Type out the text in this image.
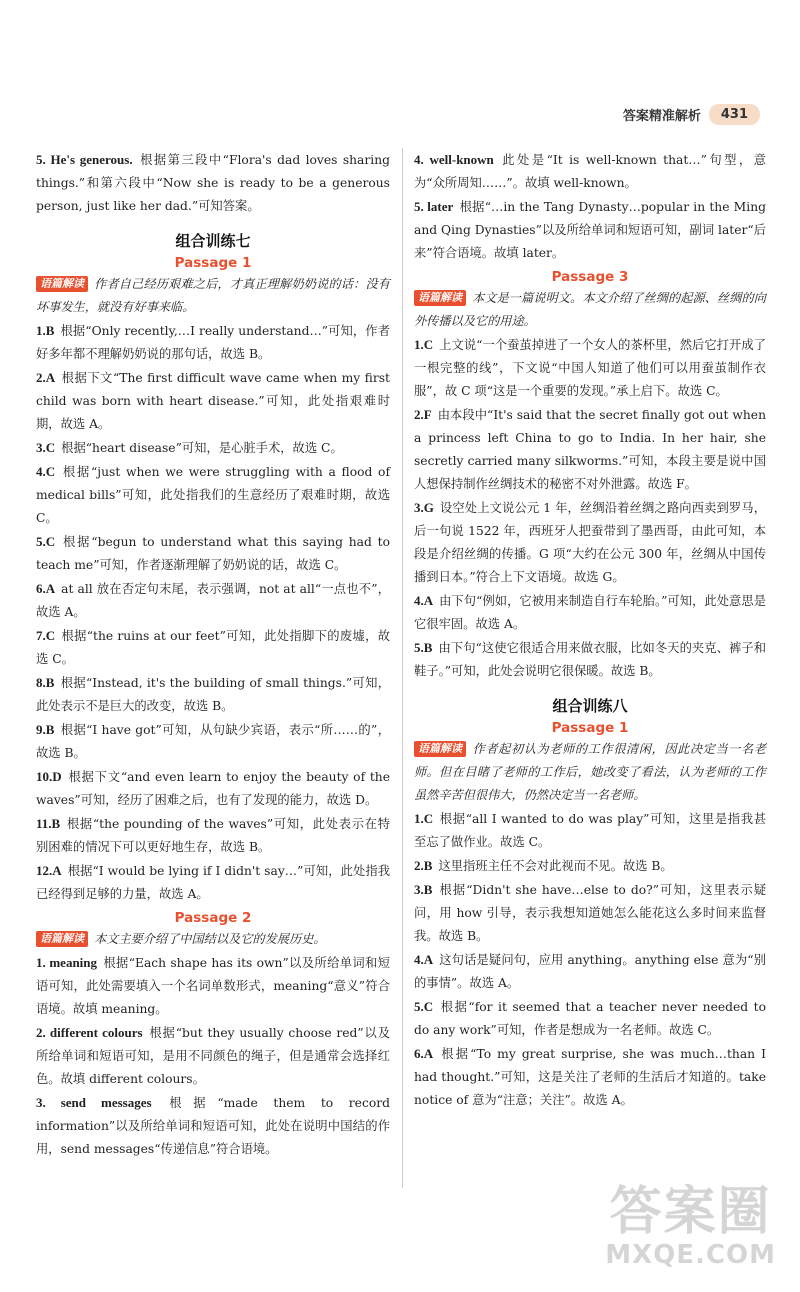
答案精准解析	431

5. He's generous. 根据第三段中“Flora's dad loves sharing things.”和第六段中“Now she is ready to be a generous person, just like her dad.”可知答案。

组合训练七
Passage 1

语篇解读 作者自己经历艰难之后，才真正理解奶奶说的话：没有坏事发生，就没有好事来临。

1.B 根据“Only recently,…I really understand…”可知，作者好多年都不理解奶奶说的那句话，故选 B。

2.A 根据下文“The first difficult wave came when my first child was born with heart disease.”可知，此处指艰难时期，故选 A。

3.C 根据“heart disease”可知，是心脏手术，故选 C。

4.C 根据“just when we were struggling with a flood of medical bills”可知，此处指我们的生意经历了艰难时期，故选 C。

5.C 根据“begun to understand what this saying had to teach me”可知，作者逐渐理解了奶奶说的话，故选 C。

6.A at all 放在否定句末尾，表示强调，not at all“一点也不”，故选 A。

7.C 根据“the ruins at our feet”可知，此处指脚下的废墟，故选 C。

8.B 根据“Instead, it's the building of small things.”可知，此处表示不是巨大的改变，故选 B。

9.B 根据“I have got”可知，从句缺少宾语，表示“所……的”，故选 B。

10.D 根据下文“and even learn to enjoy the beauty of the waves”可知，经历了困难之后，也有了发现的能力，故选 D。

11.B 根据“the pounding of the waves”可知，此处表示在特别困难的情况下可以更好地生存，故选 B。

12.A 根据“I would be lying if I didn't say…”可知，此处指我已经得到足够的力量，故选 A。

Passage 2

语篇解读 本文主要介绍了中国结以及它的发展历史。

1. meaning 根据“Each shape has its own”以及所给单词和短语可知，此处需要填入一个名词单数形式，meaning“意义”符合语境。故填 meaning。

2. different colours 根据“but they usually choose red”以及所给单词和短语可知，是用不同颜色的绳子，但是通常会选择红色。故填 different colours。

3. send messages 根据“made them to record information”以及所给单词和短语可知，此处在说明中国结的作用，send messages“传递信息”符合语境。

4. well-known 此处是“It is well-known that…”句型，意为“众所周知……”。故填 well-known。

5. later 根据“…in the Tang Dynasty…popular in the Ming and Qing Dynasties”以及所给单词和短语可知，副词 later“后来”符合语境。故填 later。

Passage 3

语篇解读 本文是一篇说明文。本文介绍了丝绸的起源、丝绸的向外传播以及它的用途。

1.C 上文说“一个蚕茧掉进了一个女人的茶杯里，然后它打开成了一根完整的线”，下文说“中国人知道了他们可以用蚕茧制作衣服”，故 C 项“这是一个重要的发现。”承上启下。故选 C。

2.F 由本段中“It's said that the secret finally got out when a princess left China to go to India. In her hair, she secretly carried many silkworms.”可知，本段主要是说中国人想保持制作丝绸技术的秘密不对外泄露。故选 F。

3.G 设空处上文说公元 1 年，丝绸沿着丝绸之路向西卖到罗马，后一句说 1522 年，西班牙人把蚕带到了墨西哥，由此可知，本段是介绍丝绸的传播。G 项“大约在公元 300 年，丝绸从中国传播到日本。”符合上下文语境。故选 G。

4.A 由下句“例如，它被用来制造自行车轮胎。”可知，此处意思是它很牢固。故选 A。

5.B 由下句“这使它很适合用来做衣服，比如冬天的夹克、裤子和鞋子。”可知，此处会说明它很保暖。故选 B。

组合训练八
Passage 1

语篇解读 作者起初认为老师的工作很清闲，因此决定当一名老师。但在目睹了老师的工作后，她改变了看法，认为老师的工作虽然辛苦但很伟大，仍然决定当一名老师。

1.C 根据“all I wanted to do was play”可知，这里是指我甚至忘了做作业。故选 C。

2.B 这里指班主任不会对此视而不见。故选 B。

3.B 根据“Didn't she have…else to do?”可知，这里表示疑问，用 how 引导，表示我想知道她怎么能花这么多时间来监督我。故选 B。

4.A 这句话是疑问句，应用 anything。anything else 意为“别的事情”。故选 A。

5.C 根据“for it seemed that a teacher never needed to do any work”可知，作者是想成为一名老师。故选 C。

6.A 根据“To my great surprise, she was much…than I had thought.”可知，这是关注了老师的生活后才知道的。take notice of 意为“注意；关注”。故选 A。

答案圈
MXQE.COM
